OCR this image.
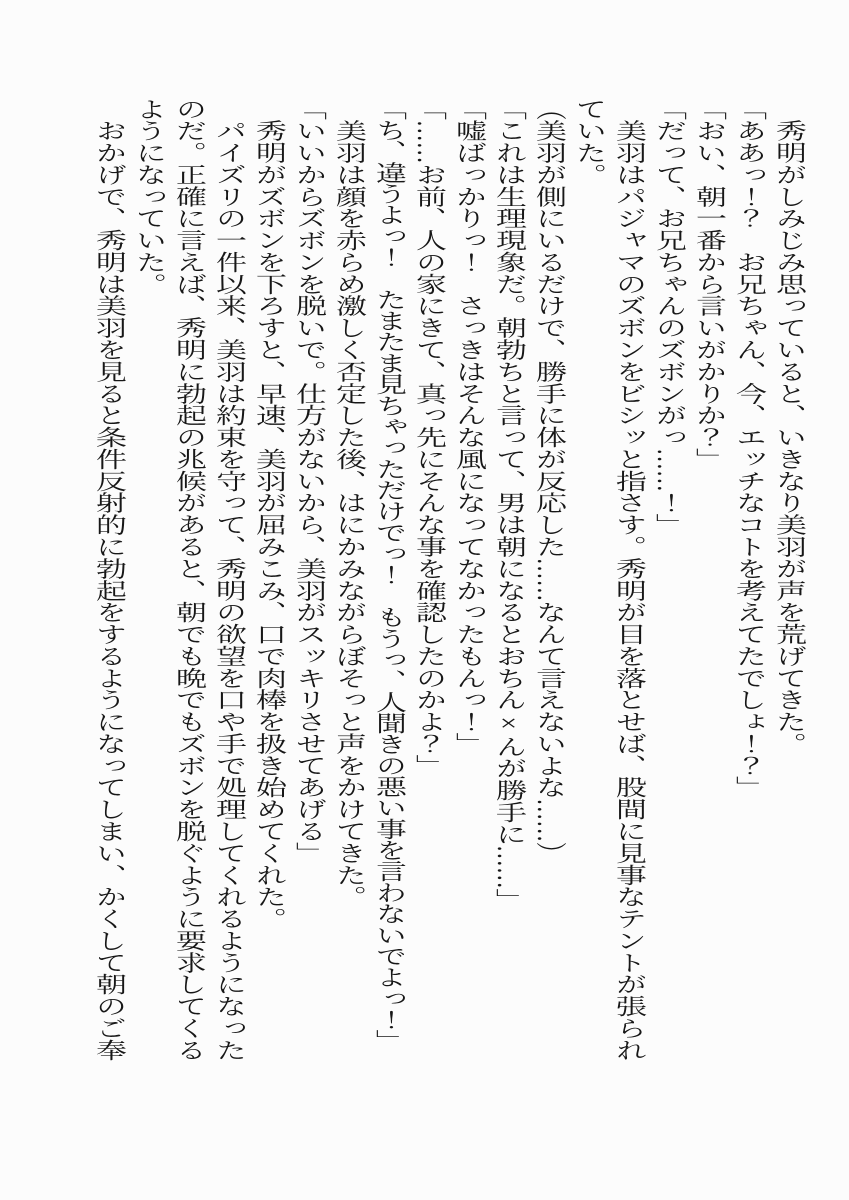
　秀明がしみじみ思っていると、いきなり美羽が声を荒げてきた。

「ああっ！？　お兄ちゃん、今、エッチなコトを考えてたでしょ！？」

「おい、朝一番から言いがかりか？」

「だって、お兄ちゃんのズボンがっ……！」

　美羽はパジャマのズボンをビシッと指さす。秀明が目を落とせば、股間に見事なテントが張られていた。

（美羽が側にいるだけで、勝手に体が反応した……なんて言えないよな……）

「これは生理現象だ。朝勃ちと言って、男は朝になるとおちん×んが勝手に……」

「嘘ばっかりっ！　さっきはそんな風になってなかったもんっ！」

「……お前、人の家にきて、真っ先にそんな事を確認したのかよ？」

「ち、違うよっ！　たまたま見ちゃっただけでっ！　もうっ、人聞きの悪い事を言わないでよっ！」

　美羽は顔を赤らめ激しく否定した後、はにかみながらぼそっと声をかけてきた。

「いいからズボンを脱いで。仕方がないから、美羽がスッキリさせてあげる」

　秀明がズボンを下ろすと、早速、美羽が屈みこみ、口で肉棒を扱き始めてくれた。

　パイズリの一件以来、美羽は約束を守って、秀明の欲望を口や手で処理してくれるようになったのだ。正確に言えば、秀明に勃起の兆候があると、朝でも晩でもズボンを脱ぐように要求してくるようになっていた。

　おかげで、秀明は美羽を見ると条件反射的に勃起をするようになってしまい、かくして朝のご奉
